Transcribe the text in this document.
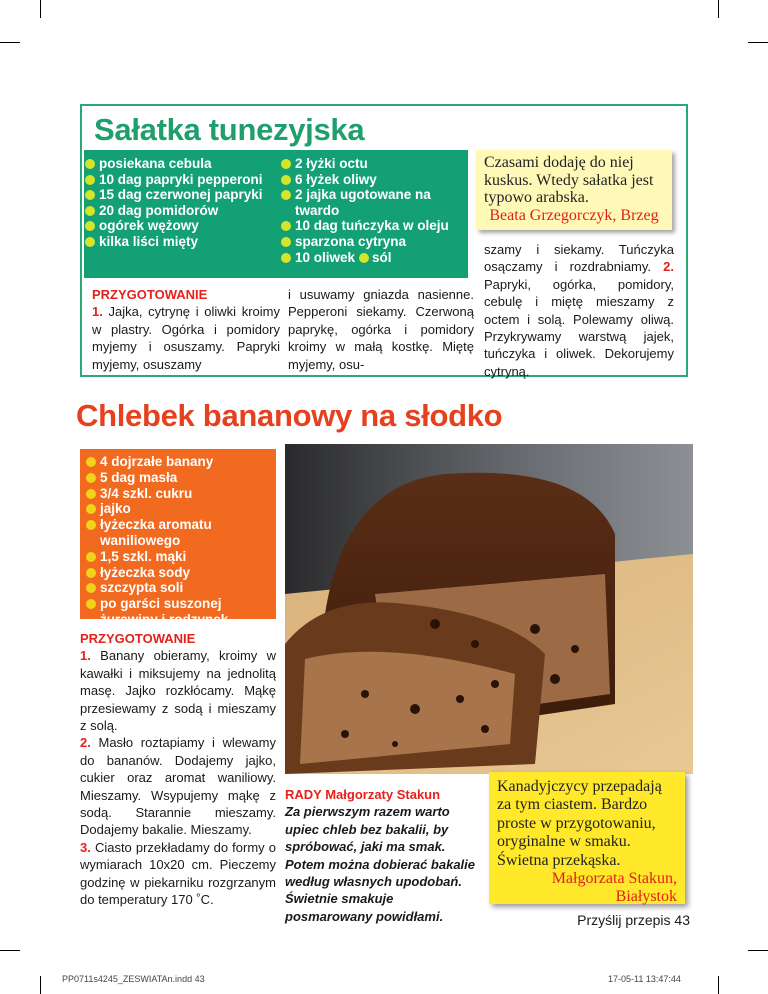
Sałatka tunezyjska
posiekana cebula
10 dag papryki pepperoni
15 dag czerwonej papryki
20 dag pomidorów
ogórek wężowy
kilka liści mięty
2 łyżki octu
6 łyżek oliwy
2 jajka ugotowane na twardo
10 dag tuńczyka w oleju
sparzona cytryna
10 oliwek sól
Czasami dodaję do niej kuskus. Wtedy sałatka jest typowo arabska.
Beata Grzegorczyk, Brzeg
PRZYGOTOWANIE
1. Jajka, cytrynę i oliwki kroimy w plastry. Ogórka i pomidory myjemy i osuszamy. Papryki myjemy, osuszamy
i usuwamy gniazda nasienne. Pepperoni siekamy. Czerwoną paprykę, ogórka i pomidory kroimy w małą kostkę. Miętę myjemy, osu-
szamy i siekamy. Tuńczyka osączamy i rozdrabniamy. 2. Papryki, ogórka, pomidory, cebulę i miętę mieszamy z octem i solą. Polewamy oliwą. Przykrywamy warstwą jajek, tuńczyka i oliwek. Dekorujemy cytryną.
Chlebek bananowy na słodko
4 dojrzałe banany
5 dag masła
3/4 szkl. cukru
jajko
łyżeczka aromatu waniliowego
1,5 szkl. mąki
łyżeczka sody
szczypta soli
po garści suszonej żurawiny i rodzynek
PRZYGOTOWANIE
1. Banany obieramy, kroimy w kawałki i miksujemy na jednolitą masę. Jajko rozkłócamy. Mąkę przesiewamy z sodą i mieszamy z solą.
2. Masło roztapiamy i wlewamy do bananów. Dodajemy jajko, cukier oraz aromat waniliowy. Mieszamy. Wsypujemy mąkę z sodą. Starannie mieszamy. Dodajemy bakalie. Mieszamy.
3. Ciasto przekładamy do formy o wymiarach 10x20 cm. Pieczemy godzinę w piekarniku rozgrzanym do temperatury 170 ˚C.
RADY Małgorzaty Stakun
Za pierwszym razem warto upiec chleb bez bakalii, by spróbować, jaki ma smak. Potem można dobierać bakalie według własnych upodobań. Świetnie smakuje posmarowany powidłami.
Kanadyjczycy przepadają za tym ciastem. Bardzo proste w przygotowaniu, oryginalne w smaku. Świetna przekąska.
Małgorzata Stakun,
Białystok
Przyślij przepis 43
PP0711s4245_ZESWIATAn.indd 43	17-05-11 13:47:44
